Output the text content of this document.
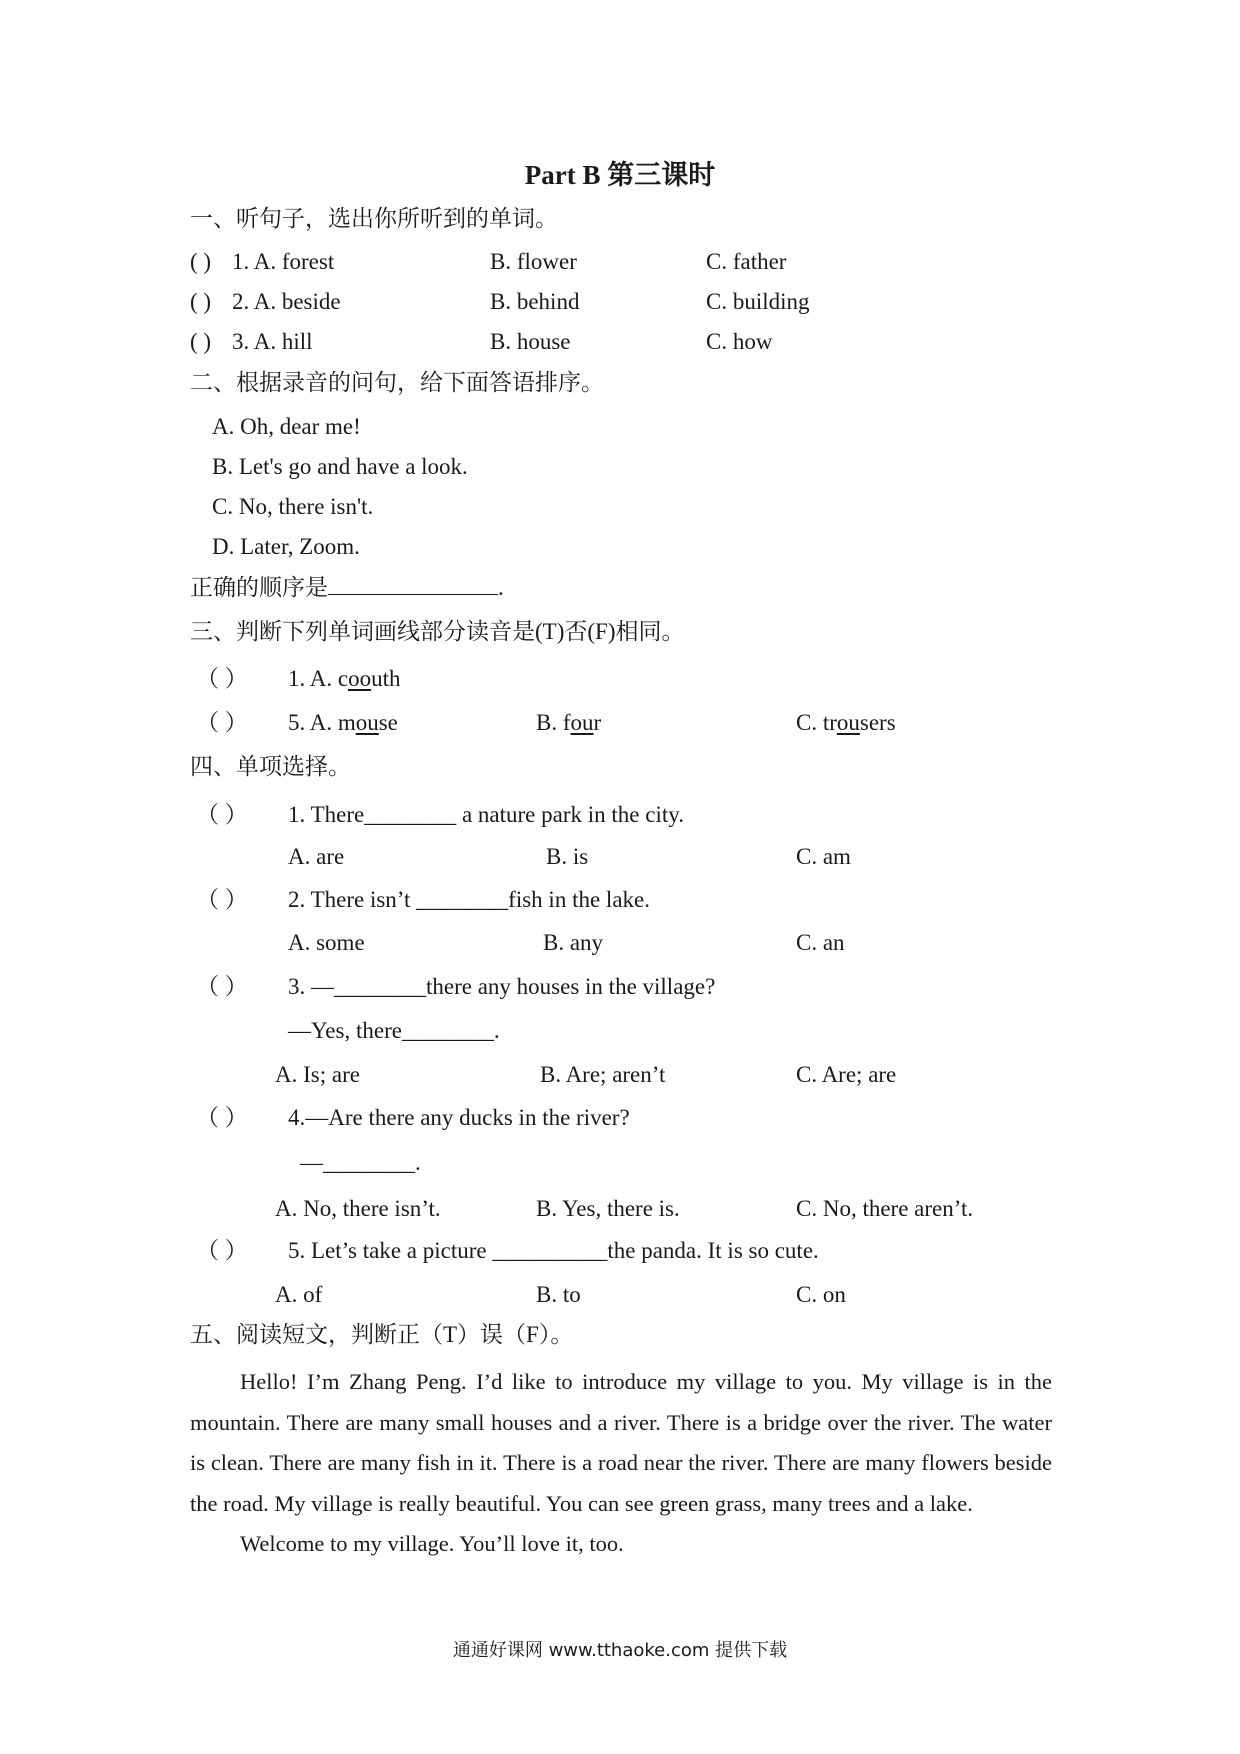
Part B 第三课时
一、听句子，选出你所听到的单词。
( ) 1. A. forest	B. flower	C. father
( ) 2. A. beside	B. behind	C. building
( ) 3. A. hill	B. house	C. how
二、根据录音的问句，给下面答语排序。
A. Oh, dear me!
B. Let's go and have a look.
C. No, there isn't.
D. Later, Zoom.
正确的顺序是	.
三、判断下列单词画线部分读音是(T)否(F)相同。
（ ） 1. A. coouth
（ ） 5. A. mouse	B. four	C. trousers
四、单项选择。
（ ） 1. There________ a nature park in the city.
A. are	B. is	C. am
（ ） 2. There isn’t ________fish in the lake.
A. some	B. any	C. an
（ ） 3. —________there any houses in the village?
—Yes, there________.
A. Is; are	B. Are; aren’t	C. Are; are
（ ） 4.—Are there any ducks in the river?
—________.
A. No, there isn’t.	B. Yes, there is.	C. No, there aren’t.
（ ） 5. Let’s take a picture __________the panda. It is so cute.
A. of	B. to	C. on
五、阅读短文，判断正（T）误（F）。

Hello! I’m Zhang Peng. I’d like to introduce my village to you. My village is in the mountain. There are many small houses and a river. There is a bridge over the river. The water is clean. There are many fish in it. There is a road near the river. There are many flowers beside the road. My village is really beautiful. You can see green grass, many trees and a lake.

Welcome to my village. You’ll love it, too.

通通好课网 www.tthaoke.com 提供下载
